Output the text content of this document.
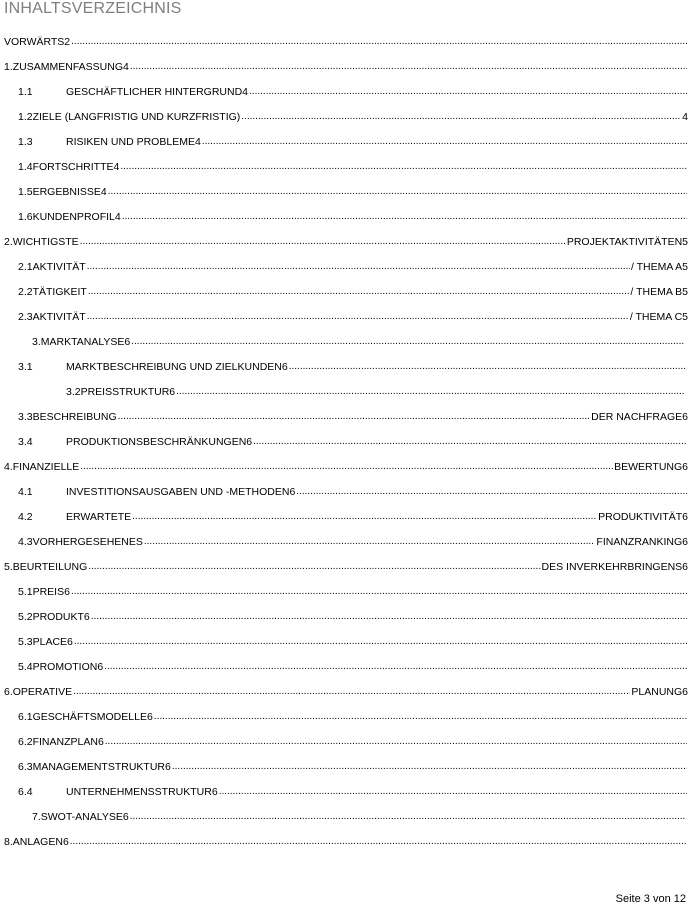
INHALTSVERZEICHNIS
VORWÄRTS2
.....
1.ZUSAMMENFASSUNG4
.....
1.1	GESCHÄFTLICHER HINTERGRUND4
.....
1.2ZIELE (LANGFRISTIG UND KURZFRISTIG) .....	4
1.3	RISIKEN UND PROBLEME4
.....
1.4FORTSCHRITTE4
.....
1.5ERGEBNISSE4
.....
1.6KUNDENPROFIL4
.....
2.WICHTIGSTE .....	PROJEKTAKTIVITÄTEN5
2.1AKTIVITÄT .....	/ THEMA A5
2.2TÄTIGKEIT .....	/ THEMA B5
2.3AKTIVITÄT .....	/ THEMA C5
3.MARKTANALYSE6
.....
3.1	MARKTBESCHREIBUNG UND ZIELKUNDEN6
.....
3.2PREISSTRUKTUR6
.....
3.3BESCHREIBUNG .....	DER NACHFRAGE6
3.4	PRODUKTIONSBESCHRÄNKUNGEN6
.....
4.FINANZIELLE .....	BEWERTUNG6
4.1	INVESTITIONSAUSGABEN UND -METHODEN6
.....
4.2	ERWARTETE .....	PRODUKTIVITÄT6
4.3VORHERGESEHENES .....	FINANZRANKING6
5.BEURTEILUNG .....	DES INVERKEHRBRINGENS6
5.1PREIS6
.....
5.2PRODUKT6
.....
5.3PLACE6
.....
5.4PROMOTION6
.....
6.OPERATIVE .....	PLANUNG6
6.1GESCHÄFTSMODELLE6
.....
6.2FINANZPLAN6
.....
6.3MANAGEMENTSTRUKTUR6
.....
6.4	UNTERNEHMENSSTRUKTUR6
.....
7.SWOT-ANALYSE6
.....
8.ANLAGEN6
.....
Seite 3 von 12
